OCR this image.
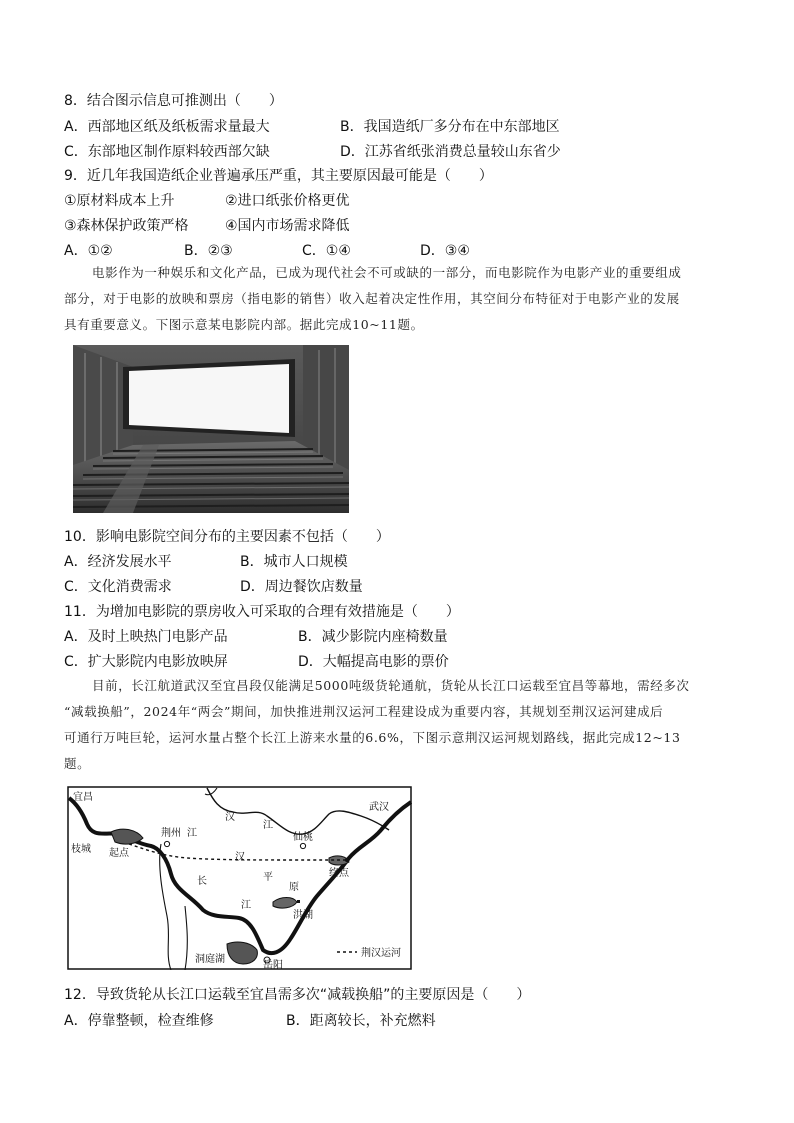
8．结合图示信息可推测出（　　）
A．西部地区纸及纸板需求量最大	B．我国造纸厂多分布在中东部地区
C．东部地区制作原料较西部欠缺	D．江苏省纸张消费总量较山东省少
9．近几年我国造纸企业普遍承压严重，其主要原因最可能是（　　）
①原材料成本上升	②进口纸张价格更优
③森林保护政策严格	④国内市场需求降低
A．①②	B．②③	C．①④	D．③④
电影作为一种娱乐和文化产品，已成为现代社会不可或缺的一部分，而电影院作为电影产业的重要组成
部分，对于电影的放映和票房（指电影的销售）收入起着决定性作用，其空间分布特征对于电影产业的发展
具有重要意义。下图示意某电影院内部。据此完成10~11题。
10．影响电影院空间分布的主要因素不包括（　　）
A．经济发展水平	B．城市人口规模
C．文化消费需求	D．周边餐饮店数量
11．为增加电影院的票房收入可采取的合理有效措施是（　　）
A．及时上映热门电影产品	B．减少影院内座椅数量
C．扩大影院内电影放映屏	D．大幅提高电影的票价
目前，长江航道武汉至宜昌段仅能满足5000吨级货轮通航，货轮从长江口运载至宜昌等幕地，需经多次
“减载换船”，2024年“两会”期间，加快推进荆汉运河工程建设成为重要内容，其规划至荆汉运河建成后
可通行万吨巨轮，运河水量占整个长江上游来水量的6.6%，下图示意荆汉运河规划路线，据此完成12~13
题。
宜昌
枝城 起点
荆州
汉
江
江
汉
仙桃
武汉
长	平
原
终点
江
洪湖
洞庭湖
岳阳
荆汉运河
12．导致货轮从长江口运载至宜昌需多次“减载换船”的主要原因是（　　）
A．停靠整顿，检查维修	B．距离较长，补充燃料
